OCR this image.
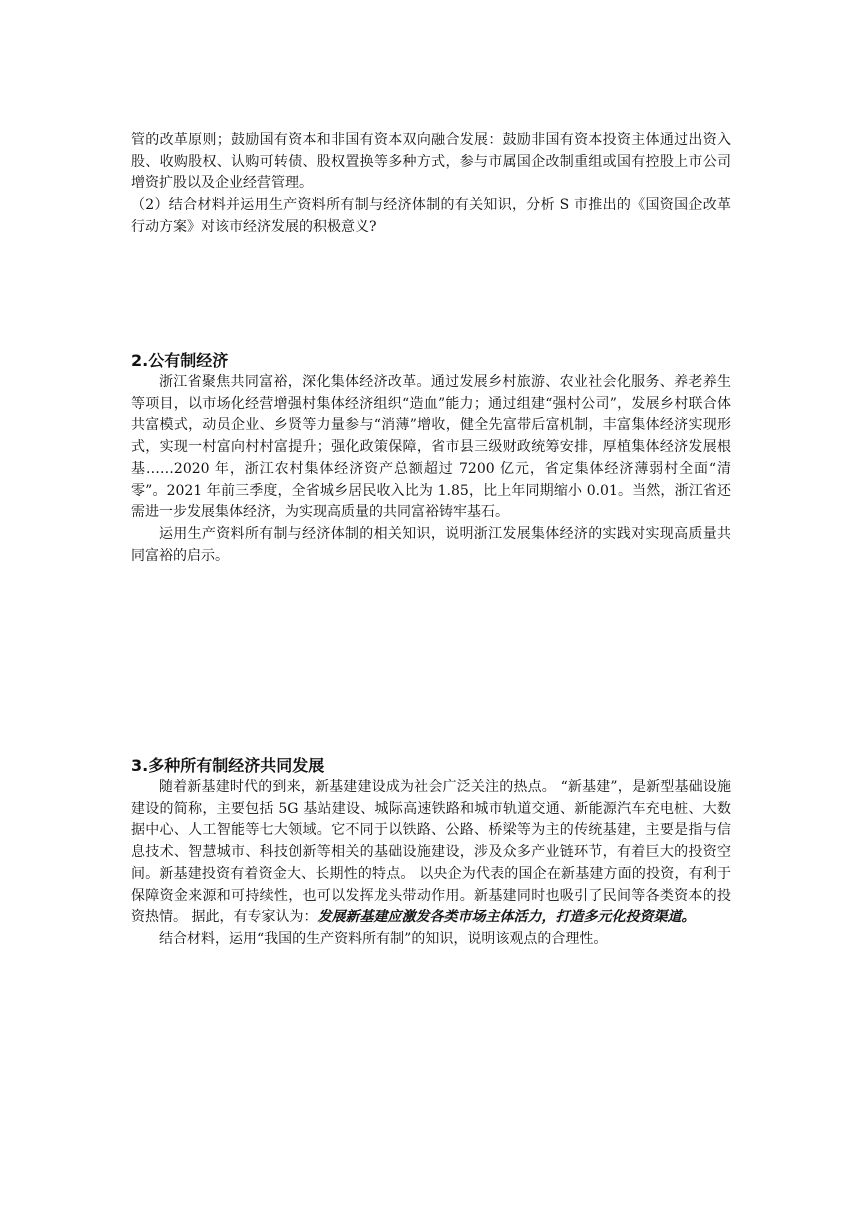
管的改革原则；鼓励国有资本和非国有资本双向融合发展：鼓励非国有资本投资主体通过出资入股、收购股权、认购可转债、股权置换等多种方式，参与市属国企改制重组或国有控股上市公司增资扩股以及企业经营管理。

（2）结合材料并运用生产资料所有制与经济体制的有关知识，分析 S 市推出的《国资国企改革行动方案》对该市经济发展的积极意义?

2.公有制经济

浙江省聚焦共同富裕，深化集体经济改革。通过发展乡村旅游、农业社会化服务、养老养生等项目，以市场化经营增强村集体经济组织“造血”能力；通过组建“强村公司”，发展乡村联合体共富模式，动员企业、乡贤等力量参与“消薄”增收，健全先富带后富机制，丰富集体经济实现形式，实现一村富向村村富提升；强化政策保障，省市县三级财政统筹安排，厚植集体经济发展根基……2020 年，浙江农村集体经济资产总额超过 7200 亿元，省定集体经济薄弱村全面“清零”。2021 年前三季度，全省城乡居民收入比为 1.85，比上年同期缩小 0.01。当然，浙江省还需进一步发展集体经济，为实现高质量的共同富裕铸牢基石。

运用生产资料所有制与经济体制的相关知识，说明浙江发展集体经济的实践对实现高质量共同富裕的启示。

3.多种所有制经济共同发展

随着新基建时代的到来，新基建建设成为社会广泛关注的热点。 “新基建”，是新型基础设施建设的简称，主要包括 5G 基站建设、城际高速铁路和城市轨道交通、新能源汽车充电桩、大数据中心、人工智能等七大领域。它不同于以铁路、公路、桥梁等为主的传统基建，主要是指与信息技术、智慧城市、科技创新等相关的基础设施建设，涉及众多产业链环节，有着巨大的投资空间。新基建投资有着资金大、长期性的特点。 以央企为代表的国企在新基建方面的投资，有利于保障资金来源和可持续性，也可以发挥龙头带动作用。新基建同时也吸引了民间等各类资本的投资热情。 据此，有专家认为：发展新基建应激发各类市场主体活力，打造多元化投资渠道。

结合材料，运用“我国的生产资料所有制”的知识，说明该观点的合理性。
